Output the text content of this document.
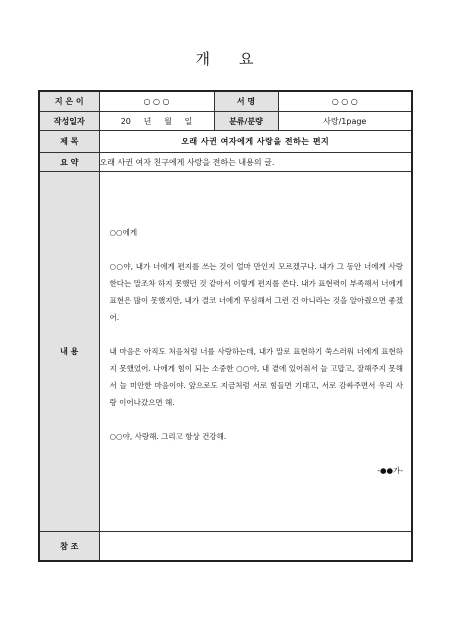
개 요
지 은 이	○ ○ ○	서 명	○ ○ ○
작성일자	20 년 월 일	분류/분량	사랑/1page
제 목	오래 사귄 여자에게 사랑을 전하는 편지		
요 약	오래 사귄 여자 친구에게 사랑을 전하는 내용의 글.		
내 용	○○에게

○○야, 내가 너에게 편지를 쓰는 것이 얼마 만인지 모르겠구나. 내가 그 동안 너에게 사랑한다는 말조차 하지 못했던 것 같아서 이렇게 편지를 쓴다. 내가 표현력이 부족해서 너에게 표현은 많이 못했지만, 내가 결코 너에게 무심해서 그런 건 아니라는 것을 알아줬으면 좋겠어.

내 마음은 아직도 처음처럼 너를 사랑하는데, 내가 말로 표현하기 쑥스러워 너에게 표현하지 못했었어. 나에게 힘이 되는 소중한 ○○야, 내 곁에 있어줘서 늘 고맙고, 잘해주지 못해서 늘 미안한 마음이야. 앞으로도 지금처럼 서로 힘들면 기대고, 서로 감싸주면서 우리 사랑 이어나갔으면 해.

○○야, 사랑해. 그리고 항상 건강해.

-●●가-		

참 조			
